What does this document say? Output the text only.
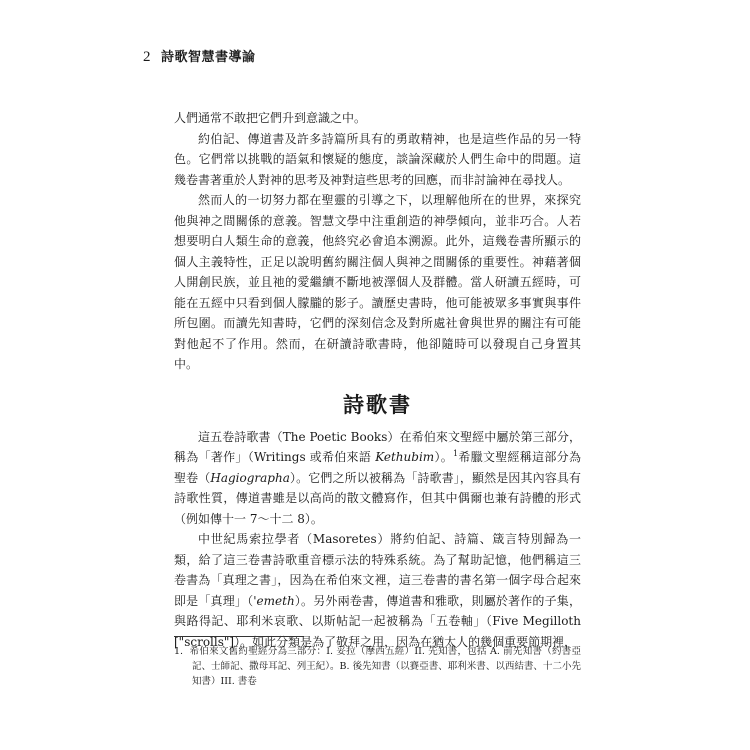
2 詩歌智慧書導論

人們通常不敢把它們升到意識之中。

約伯記、傳道書及許多詩篇所具有的勇敢精神，也是這些作品的另一特色。它們常以挑戰的語氣和懷疑的態度，談論深藏於人們生命中的問題。這幾卷書著重於人對神的思考及神對這些思考的回應，而非討論神在尋找人。

然而人的一切努力都在聖靈的引導之下，以理解他所在的世界，來探究他與神之間關係的意義。智慧文學中注重創造的神學傾向，並非巧合。人若想要明白人類生命的意義，他終究必會追本溯源。此外，這幾卷書所顯示的個人主義特性，正足以說明舊約關注個人與神之間關係的重要性。神藉著個人開創民族，並且祂的愛繼續不斷地被澤個人及群體。當人研讀五經時，可能在五經中只看到個人朦朧的影子。讀歷史書時，他可能被眾多事實與事件所包圍。而讀先知書時，它們的深刻信念及對所處社會與世界的關注有可能對他起不了作用。然而，在研讀詩歌書時，他卻隨時可以發現自己身置其中。

詩歌書

這五卷詩歌書（The Poetic Books）在希伯來文聖經中屬於第三部分，稱為「著作」（Writings 或希伯來語 Kethubim）。$^1$希臘文聖經稱這部分為聖卷（Hagiographa）。它們之所以被稱為「詩歌書」，顯然是因其內容具有詩歌性質，傳道書雖是以高尚的散文體寫作，但其中偶爾也兼有詩體的形式（例如傳十一 7～十二 8）。

中世紀馬索拉學者（Masoretes）將約伯記、詩篇、箴言特別歸為一類，給了這三卷書詩歌重音標示法的特殊系統。為了幫助記憶，他們稱這三卷書為「真理之書」，因為在希伯來文裡，這三卷書的書名第一個字母合起來即是「真理」（'emeth）。另外兩卷書，傳道書和雅歌，則屬於著作的子集，與路得記、耶利米哀歌、以斯帖記一起被稱為「五卷軸」（Five Megilloth ["scrolls"]）。如此分類是為了敬拜之用，因為在猶太人的幾個重要節期裡，

1. 希伯來文舊約聖經分為三部分：I. 妥拉（摩西五經）II. 先知書，包括 A. 前先知書（約書亞記、士師記、撒母耳記、列王紀）。B. 後先知書（以賽亞書、耶利米書、以西結書、十二小先知書）III. 書卷
